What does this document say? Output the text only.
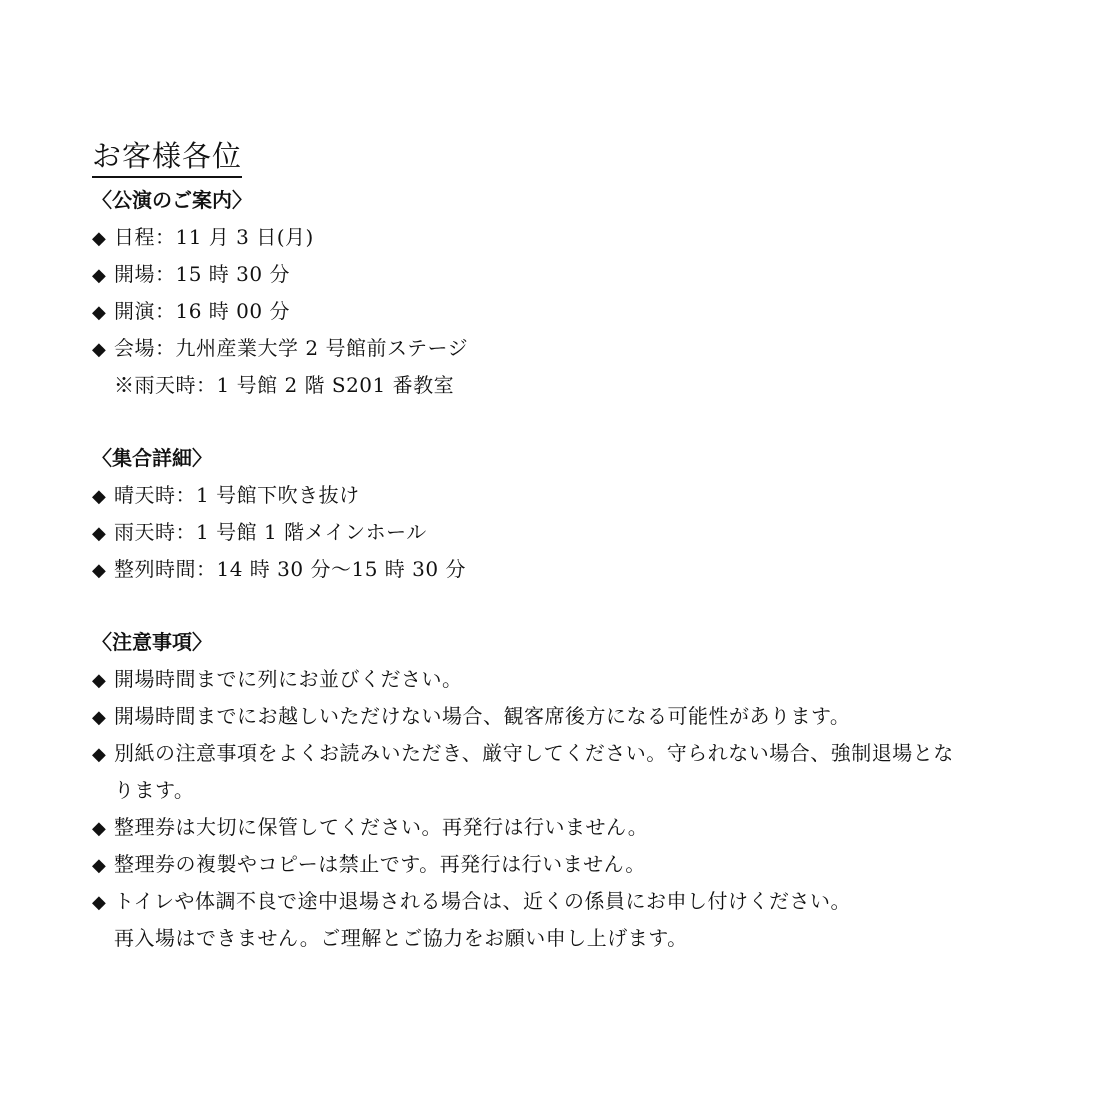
お客様各位
〈公演のご案内〉
◆ 日程：11 月 3 日(月)
◆ 開場：15 時 30 分
◆ 開演：16 時 00 分
◆ 会場：九州産業大学 2 号館前ステージ
※雨天時：1 号館 2 階 S201 番教室
〈集合詳細〉
◆ 晴天時：1 号館下吹き抜け
◆ 雨天時：1 号館 1 階メインホール
◆ 整列時間：14 時 30 分～15 時 30 分
〈注意事項〉
◆ 開場時間までに列にお並びください。
◆ 開場時間までにお越しいただけない場合、観客席後方になる可能性があります。
◆ 別紙の注意事項をよくお読みいただき、厳守してください。守られない場合、強制退場とな
ります。
◆ 整理券は大切に保管してください。再発行は行いません。
◆ 整理券の複製やコピーは禁止です。再発行は行いません。
◆ トイレや体調不良で途中退場される場合は、近くの係員にお申し付けください。
再入場はできません。ご理解とご協力をお願い申し上げます。
